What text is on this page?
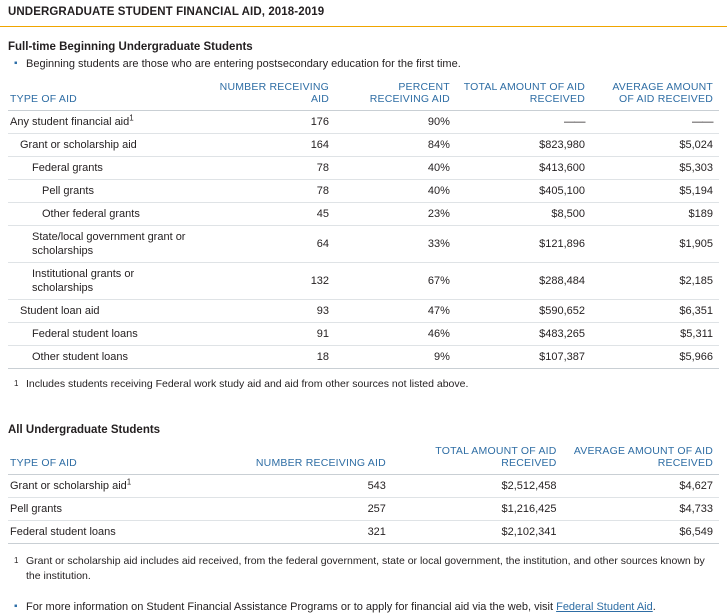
UNDERGRADUATE STUDENT FINANCIAL AID, 2018-2019
Full-time Beginning Undergraduate Students
▪ Beginning students are those who are entering postsecondary education for the first time.
TYPE OF AID	NUMBER RECEIVING AID	PERCENT RECEIVING AID	TOTAL AMOUNT OF AID RECEIVED	AVERAGE AMOUNT OF AID RECEIVED
Any student financial aid$^1$	176	90%	——	——
Grant or scholarship aid	164	84%	$823,980	$5,024
Federal grants	78	40%	$413,600	$5,303
Pell grants	78	40%	$405,100	$5,194
Other federal grants	45	23%	$8,500	$189
State/local government grant or scholarships	64	33%	$121,896	$1,905
Institutional grants or scholarships	132	67%	$288,484	$2,185
Student loan aid	93	47%	$590,652	$6,351
Federal student loans	91	46%	$483,265	$5,311
Other student loans	18	9%	$107,387	$5,966
1 Includes students receiving Federal work study aid and aid from other sources not listed above.
All Undergraduate Students
TYPE OF AID	NUMBER RECEIVING AID	TOTAL AMOUNT OF AID RECEIVED	AVERAGE AMOUNT OF AID RECEIVED
Grant or scholarship aid$^1$	543	$2,512,458	$4,627
Pell grants	257	$1,216,425	$4,733
Federal student loans	321	$2,102,341	$6,549
1 Grant or scholarship aid includes aid received, from the federal government, state or local government, the institution, and other sources known by the institution.
▪ For more information on Student Financial Assistance Programs or to apply for financial aid via the web, visit Federal Student Aid.
